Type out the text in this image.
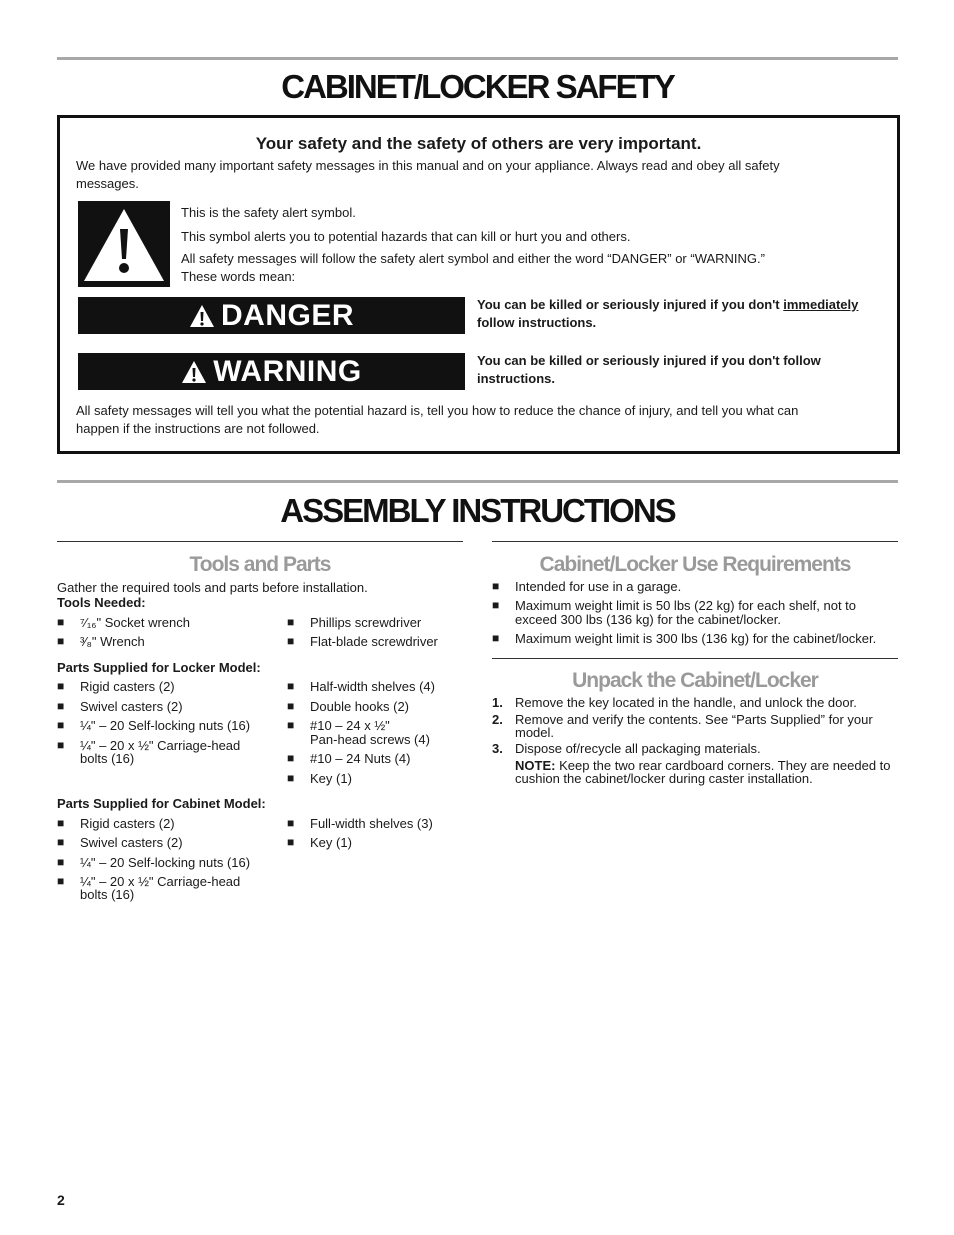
CABINET/LOCKER SAFETY
Your safety and the safety of others are very important.
We have provided many important safety messages in this manual and on your appliance. Always read and obey all safety
messages.
This is the safety alert symbol.
This symbol alerts you to potential hazards that can kill or hurt you and others.
All safety messages will follow the safety alert symbol and either the word “DANGER” or “WARNING.”
These words mean:
DANGER	You can be killed or seriously injured if you don't immediately
follow instructions.
WARNING	You can be killed or seriously injured if you don't follow
instructions.
All safety messages will tell you what the potential hazard is, tell you how to reduce the chance of injury, and tell you what can
happen if the instructions are not followed.
ASSEMBLY INSTRUCTIONS
Tools and Parts
Gather the required tools and parts before installation.
Tools Needed:
■ ⁷⁄₁₆" Socket wrench
■ ³⁄₈" Wrench
■ Phillips screwdriver
■ Flat-blade screwdriver
Parts Supplied for Locker Model:
■ Rigid casters (2)
■ Swivel casters (2)
■ ¼" – 20 Self-locking nuts (16)
■ ¼" – 20 x ½" Carriage-head
bolts (16)
■ Half-width shelves (4)
■ Double hooks (2)
■ #10 – 24 x ½"
Pan-head screws (4)
■ #10 – 24 Nuts (4)
■ Key (1)
Parts Supplied for Cabinet Model:
■ Rigid casters (2)
■ Swivel casters (2)
■ ¼" – 20 Self-locking nuts (16)
■ ¼" – 20 x ½" Carriage-head
bolts (16)
■ Full-width shelves (3)
■ Key (1)
Cabinet/Locker Use Requirements
■ Intended for use in a garage.
■ Maximum weight limit is 50 lbs (22 kg) for each shelf, not to
exceed 300 lbs (136 kg) for the cabinet/locker.
■ Maximum weight limit is 300 lbs (136 kg) for the cabinet/locker.
Unpack the Cabinet/Locker
1. Remove the key located in the handle, and unlock the door.
2. Remove and verify the contents. See “Parts Supplied” for your
model.
3. Dispose of/recycle all packaging materials.
NOTE: Keep the two rear cardboard corners. They are needed to
cushion the cabinet/locker during caster installation.
2
